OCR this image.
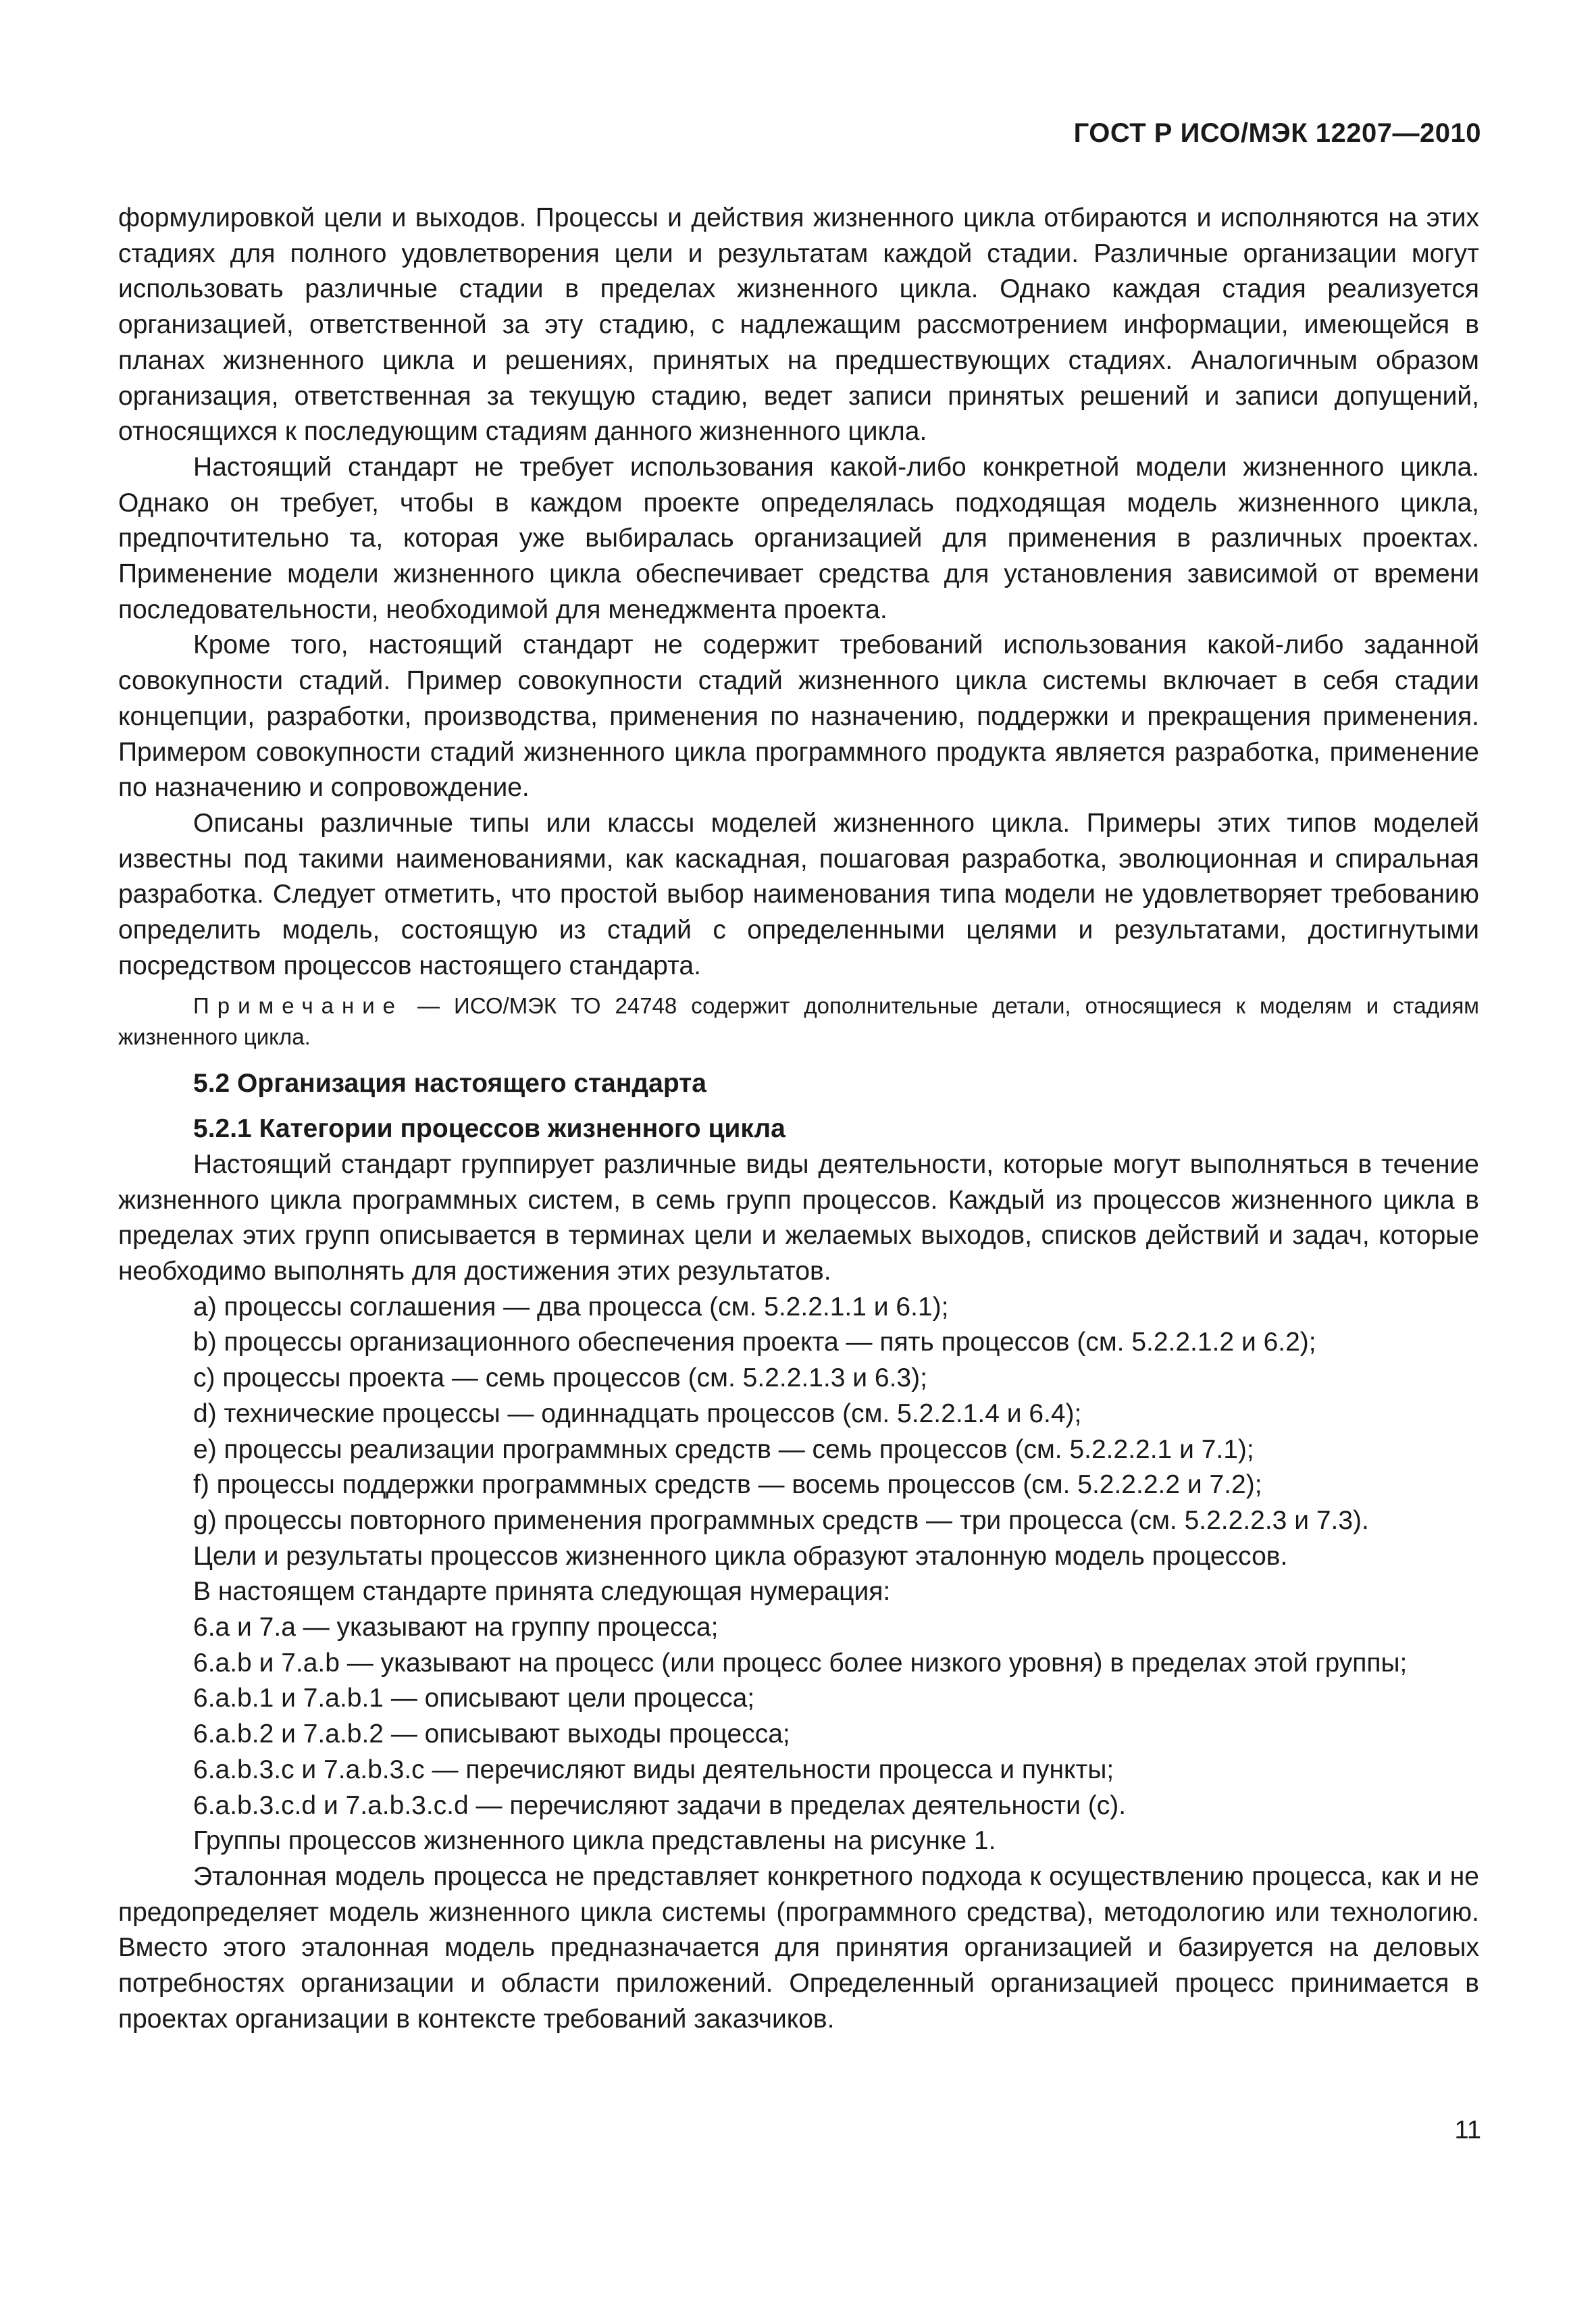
ГОСТ Р ИСО/МЭК 12207—2010

формулировкой цели и выходов. Процессы и действия жизненного цикла отбираются и исполняются на этих стадиях для полного удовлетворения цели и результатам каждой стадии. Различные организации могут использовать различные стадии в пределах жизненного цикла. Однако каждая стадия реализуется организацией, ответственной за эту стадию, с надлежащим рассмотрением информации, имеющейся в планах жизненного цикла и решениях, принятых на предшествующих стадиях. Аналогичным образом организация, ответственная за текущую стадию, ведет записи принятых решений и записи допущений, относящихся к последующим стадиям данного жизненного цикла.

Настоящий стандарт не требует использования какой-либо конкретной модели жизненного цикла. Однако он требует, чтобы в каждом проекте определялась подходящая модель жизненного цикла, предпочтительно та, которая уже выбиралась организацией для применения в различных проектах. Применение модели жизненного цикла обеспечивает средства для установления зависимой от времени последовательности, необходимой для менеджмента проекта.

Кроме того, настоящий стандарт не содержит требований использования какой-либо заданной совокупности стадий. Пример совокупности стадий жизненного цикла системы включает в себя стадии концепции, разработки, производства, применения по назначению, поддержки и прекращения применения. Примером совокупности стадий жизненного цикла программного продукта является разработка, применение по назначению и сопровождение.

Описаны различные типы или классы моделей жизненного цикла. Примеры этих типов моделей известны под такими наименованиями, как каскадная, пошаговая разработка, эволюционная и спиральная разработка. Следует отметить, что простой выбор наименования типа модели не удовлетворяет требованию определить модель, состоящую из стадий с определенными целями и результатами, достигнутыми посредством процессов настоящего стандарта.

Примечание — ИСО/МЭК ТО 24748 содержит дополнительные детали, относящиеся к моделям и стадиям жизненного цикла.

5.2 Организация настоящего стандарта
5.2.1 Категории процессов жизненного цикла

Настоящий стандарт группирует различные виды деятельности, которые могут выполняться в течение жизненного цикла программных систем, в семь групп процессов. Каждый из процессов жизненного цикла в пределах этих групп описывается в терминах цели и желаемых выходов, списков действий и задач, которые необходимо выполнять для достижения этих результатов.

a) процессы соглашения — два процесса (см. 5.2.2.1.1 и 6.1);
b) процессы организационного обеспечения проекта — пять процессов (см. 5.2.2.1.2 и 6.2);
c) процессы проекта — семь процессов (см. 5.2.2.1.3 и 6.3);
d) технические процессы — одиннадцать процессов (см. 5.2.2.1.4 и 6.4);
e) процессы реализации программных средств — семь процессов (см. 5.2.2.2.1 и 7.1);
f) процессы поддержки программных средств — восемь процессов (см. 5.2.2.2.2 и 7.2);
g) процессы повторного применения программных средств — три процесса (см. 5.2.2.2.3 и 7.3).
Цели и результаты процессов жизненного цикла образуют эталонную модель процессов.
В настоящем стандарте принята следующая нумерация:
6.a и 7.a — указывают на группу процесса;
6.a.b и 7.a.b — указывают на процесс (или процесс более низкого уровня) в пределах этой группы;
6.a.b.1 и 7.a.b.1 — описывают цели процесса;
6.a.b.2 и 7.a.b.2 — описывают выходы процесса;
6.a.b.3.c и 7.a.b.3.c — перечисляют виды деятельности процесса и пункты;
6.a.b.3.c.d и 7.a.b.3.c.d — перечисляют задачи в пределах деятельности (c).
Группы процессов жизненного цикла представлены на рисунке 1.

Эталонная модель процесса не представляет конкретного подхода к осуществлению процесса, как и не предопределяет модель жизненного цикла системы (программного средства), методологию или технологию. Вместо этого эталонная модель предназначается для принятия организацией и базируется на деловых потребностях организации и области приложений. Определенный организацией процесс принимается в проектах организации в контексте требований заказчиков.

11
